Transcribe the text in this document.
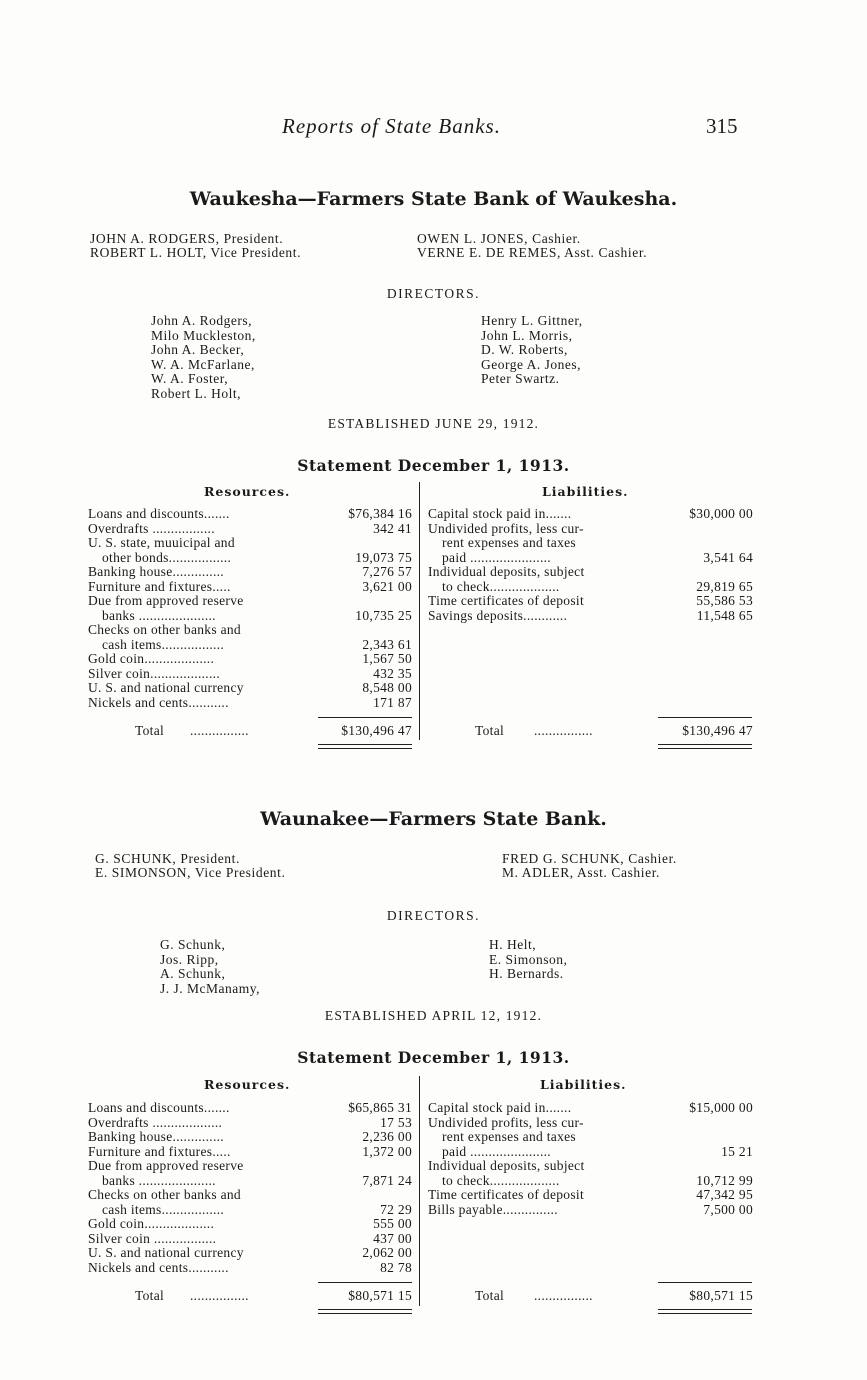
Reports of State Banks.	315
Waukesha—Farmers State Bank of Waukesha.
JOHN A. RODGERS, President.
ROBERT L. HOLT, Vice President.
OWEN L. JONES, Cashier.
VERNE E. DE REMES, Asst. Cashier.
DIRECTORS.
John A. Rodgers,
Milo Muckleston,
John A. Becker,
W. A. McFarlane,
W. A. Foster,
Robert L. Holt,
Henry L. Gittner,
John L. Morris,
D. W. Roberts,
George A. Jones,
Peter Swartz.
ESTABLISHED JUNE 29, 1912.
Statement December 1, 1913.
Resources.	Liabilities.
Loans and discounts.......	$76,384 16
Overdrafts .................	342 41
U. S. state, muuicipal and
other bonds.................	19,073 75
Banking house..............	7,276 57
Furniture and fixtures.....	3,621 00
Due from approved reserve
banks .....................	10,735 25
Checks on other banks and
cash items.................	2,343 61
Gold coin...................	1,567 50
Silver coin...................	432 35
U. S. and national currency	8,548 00
Nickels and cents...........	171 87
Capital stock paid in.......	$30,000 00
Undivided profits, less cur-
rent expenses and taxes
paid ......................	3,541 64
Individual deposits, subject
to check...................	29,819 65
Time certificates of deposit	55,586 53
Savings deposits............	11,548 65
Total ................	$130,496 47	Total ................	$130,496 47
Waunakee—Farmers State Bank.
G. SCHUNK, President.
E. SIMONSON, Vice President.
FRED G. SCHUNK, Cashier.
M. ADLER, Asst. Cashier.
DIRECTORS.
G. Schunk,
Jos. Ripp,
A. Schunk,
J. J. McManamy,
H. Helt,
E. Simonson,
H. Bernards.
ESTABLISHED APRIL 12, 1912.
Statement December 1, 1913.
Resources.	Liabilities.
Loans and discounts.......	$65,865 31
Overdrafts ...................	17 53
Banking house..............	2,236 00
Furniture and fixtures.....	1,372 00
Due from approved reserve
banks .....................	7,871 24
Checks on other banks and
cash items.................	72 29
Gold coin...................	555 00
Silver coin .................	437 00
U. S. and national currency	2,062 00
Nickels and cents...........	82 78
Capital stock paid in.......	$15,000 00
Undivided profits, less cur-
rent expenses and taxes
paid ......................	15 21
Individual deposits, subject
to check...................	10,712 99
Time certificates of deposit	47,342 95
Bills payable...............	7,500 00
Total ................	$80,571 15	Total ................	$80,571 15
